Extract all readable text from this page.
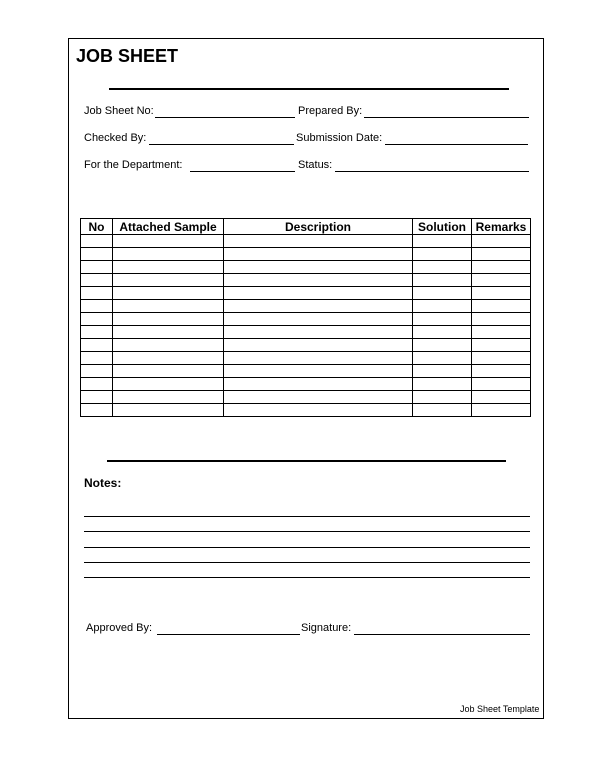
JOB SHEET
Job Sheet No:	Prepared By:
Checked By:	Submission Date:
For the Department:	Status:
No	Attached Sample	Description	Solution	Remarks

Notes:
Approved By:	Signature:
Job Sheet Template
